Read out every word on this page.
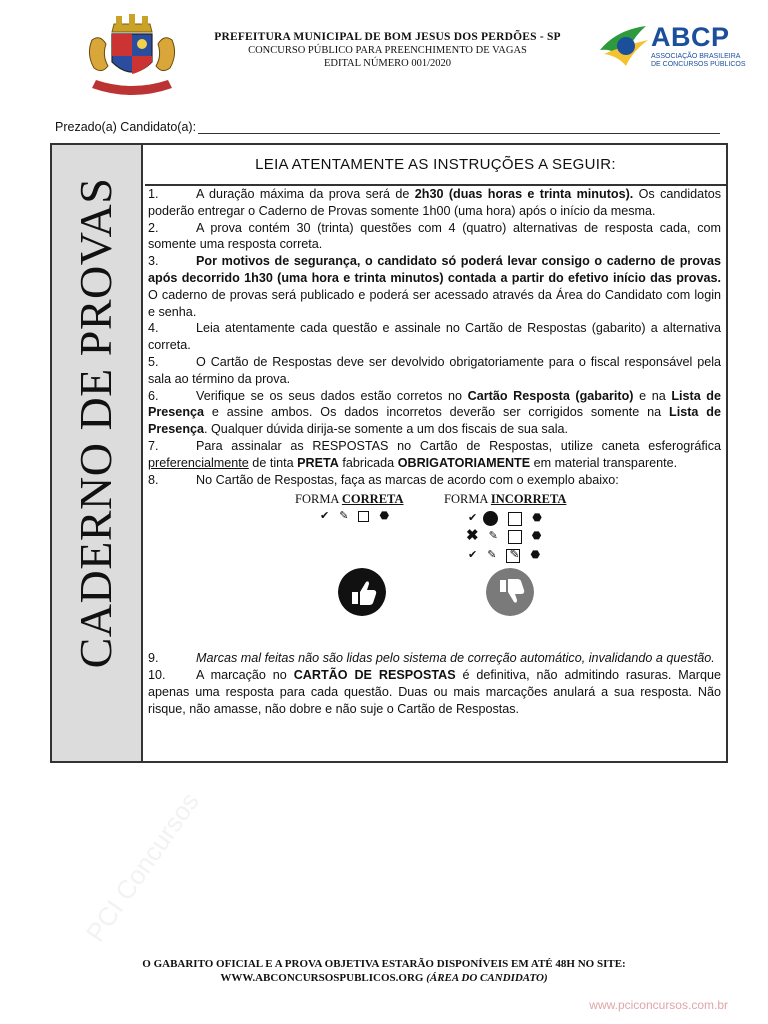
PREFEITURA MUNICIPAL DE BOM JESUS DOS PERDÕES - SP
CONCURSO PÚBLICO PARA PREENCHIMENTO DE VAGAS
EDITAL NÚMERO 001/2020
ABCP
ASSOCIAÇÃO BRASILEIRA
DE CONCURSOS PÚBLICOS
Prezado(a) Candidato(a):
CADERNO DE PROVAS
LEIA ATENTAMENTE AS INSTRUÇÕES A SEGUIR:
1.	A duração máxima da prova será de 2h30 (duas horas e trinta minutos). Os candidatos poderão entregar o Caderno de Provas somente 1h00 (uma hora) após o início da mesma.
2.	A prova contém 30 (trinta) questões com 4 (quatro) alternativas de resposta cada, com somente uma resposta correta.
3.	Por motivos de segurança, o candidato só poderá levar consigo o caderno de provas após decorrido 1h30 (uma hora e trinta minutos) contada a partir do efetivo início das provas. O caderno de provas será publicado e poderá ser acessado através da Área do Candidato com login e senha.
4.	Leia atentamente cada questão e assinale no Cartão de Respostas (gabarito) a alternativa correta.
5.	O Cartão de Respostas deve ser devolvido obrigatoriamente para o fiscal responsável pela sala ao término da prova.
6.	Verifique se os seus dados estão corretos no Cartão Resposta (gabarito) e na Lista de Presença e assine ambos. Os dados incorretos deverão ser corrigidos somente na Lista de Presença. Qualquer dúvida dirija-se somente a um dos fiscais de sua sala.
7.	Para assinalar as RESPOSTAS no Cartão de Respostas, utilize caneta esferográfica preferencialmente de tinta PRETA fabricada OBRIGATORIAMENTE em material transparente.
8.	No Cartão de Respostas, faça as marcas de acordo com o exemplo abaixo:
FORMA CORRETA	FORMA INCORRETA
✔ ✎	⬣	✔	⬣
✖ ✎	⬣
✔ ✎ ✎ ⬣
9.	Marcas mal feitas não são lidas pelo sistema de correção automático, invalidando a questão.
10. A marcação no CARTÃO DE RESPOSTAS é definitiva, não admitindo rasuras. Marque apenas uma resposta para cada questão. Duas ou mais marcações anulará a sua resposta. Não risque, não amasse, não dobre e não suje o Cartão de Respostas.
PCI Concursos
O GABARITO OFICIAL E A PROVA OBJETIVA ESTARÃO DISPONÍVEIS EM ATÉ 48H NO SITE:
WWW.ABCONCURSOSPUBLICOS.ORG (ÁREA DO CANDIDATO)
www.pciconcursos.com.br
